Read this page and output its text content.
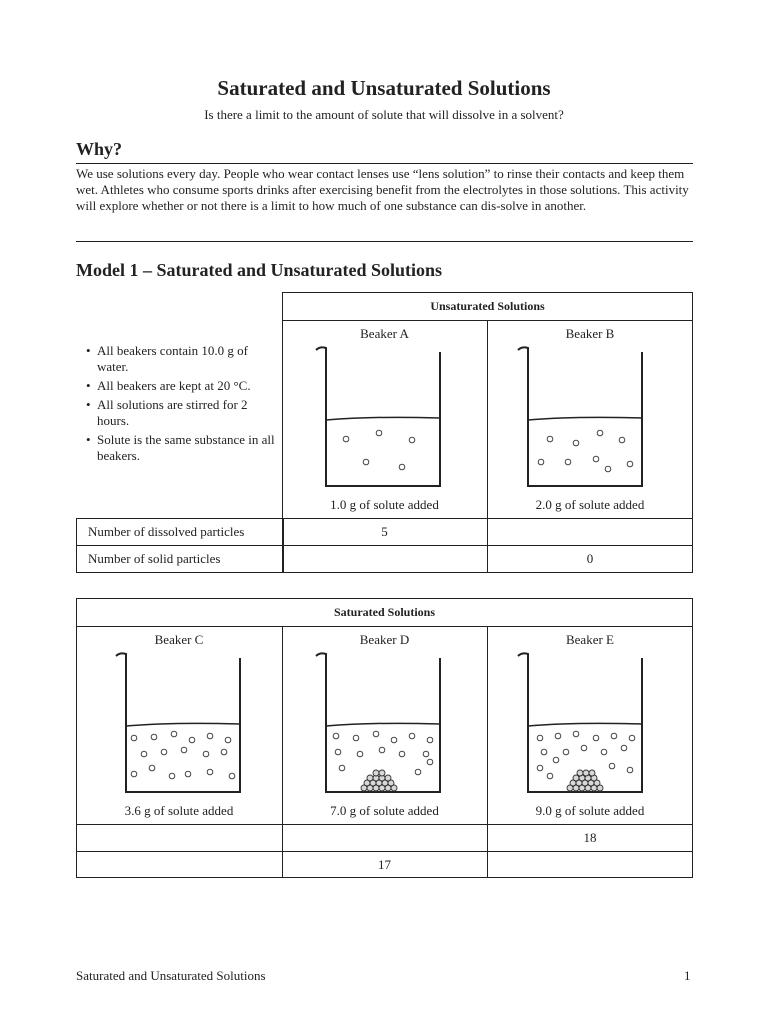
Saturated and Unsaturated Solutions
Is there a limit to the amount of solute that will dissolve in a solvent?
Why?
We use solutions every day. People who wear contact lenses use “lens solution” to rinse their contacts and keep them wet. Athletes who consume sports drinks after exercising benefit from the electrolytes in those solutions. This activity will explore whether or not there is a limit to how much of one substance can dis-solve in another.
Model 1 – Saturated and Unsaturated Solutions
Unsaturated Solutions
• All beakers contain 10.0 g of water.
• All beakers are kept at 20 °C.
• All solutions are stirred for 2 hours.
• Solute is the same substance in all beakers.
Beaker A
1.0 g of solute added
Beaker B
2.0 g of solute added
Number of dissolved particles
Number of solid particles
5
0
Saturated Solutions
Beaker C
3.6 g of solute added
Beaker D
7.0 g of solute added
Beaker E
9.0 g of solute added
18
17
Saturated and Unsaturated Solutions	1
